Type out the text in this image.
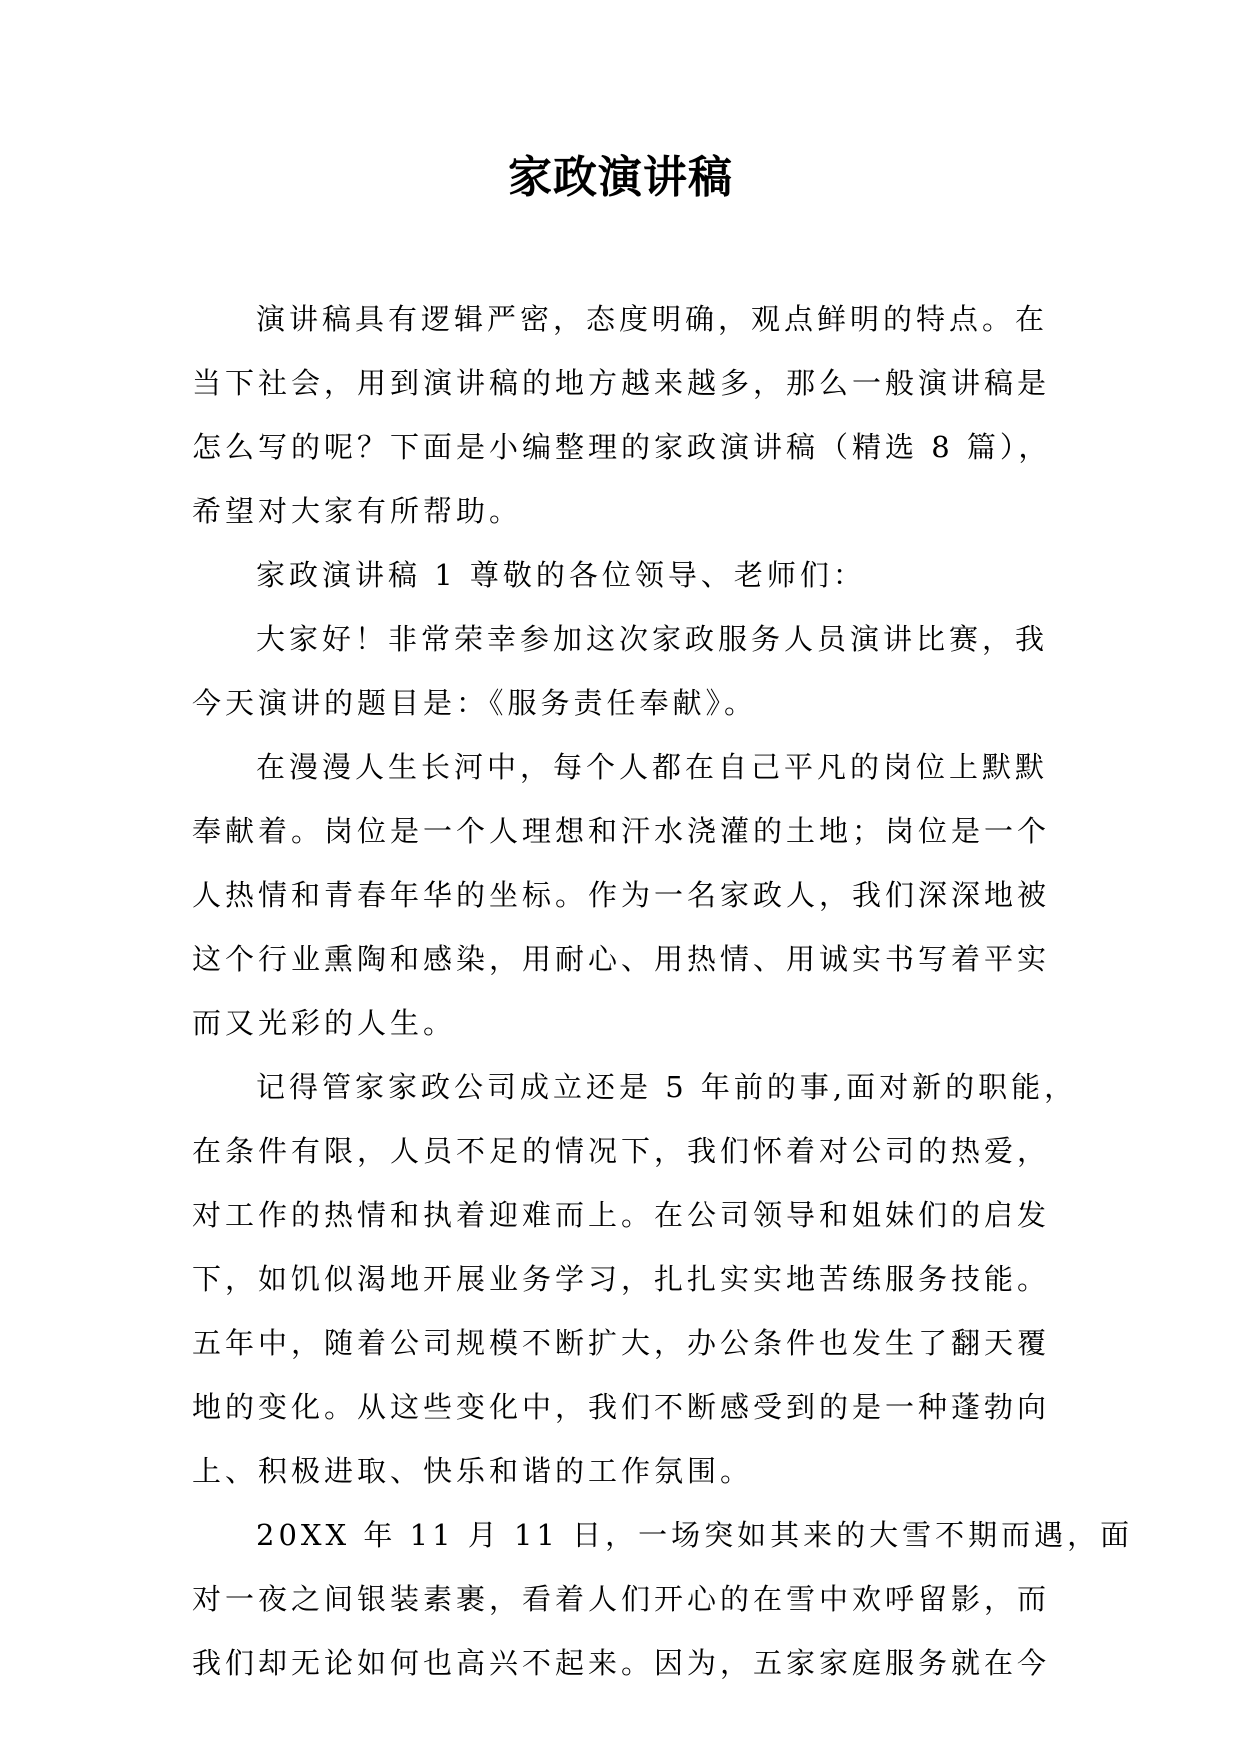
家政演讲稿
演讲稿具有逻辑严密，态度明确，观点鲜明的特点。在
当下社会，用到演讲稿的地方越来越多，那么一般演讲稿是
怎么写的呢？下面是小编整理的家政演讲稿（精选 8 篇），
希望对大家有所帮助。
家政演讲稿 1 尊敬的各位领导、老师们：
大家好！非常荣幸参加这次家政服务人员演讲比赛，我
今天演讲的题目是：《服务责任奉献》。
在漫漫人生长河中，每个人都在自己平凡的岗位上默默
奉献着。岗位是一个人理想和汗水浇灌的土地；岗位是一个
人热情和青春年华的坐标。作为一名家政人，我们深深地被
这个行业熏陶和感染，用耐心、用热情、用诚实书写着平实
而又光彩的人生。
记得管家家政公司成立还是 5 年前的事,面对新的职能，
在条件有限，人员不足的情况下，我们怀着对公司的热爱，
对工作的热情和执着迎难而上。在公司领导和姐妹们的启发
下，如饥似渴地开展业务学习，扎扎实实地苦练服务技能。
五年中，随着公司规模不断扩大，办公条件也发生了翻天覆
地的变化。从这些变化中，我们不断感受到的是一种蓬勃向
上、积极进取、快乐和谐的工作氛围。
20XX 年 11 月 11 日，一场突如其来的大雪不期而遇，面
对一夜之间银装素裹，看着人们开心的在雪中欢呼留影，而
我们却无论如何也高兴不起来。因为，五家家庭服务就在今
